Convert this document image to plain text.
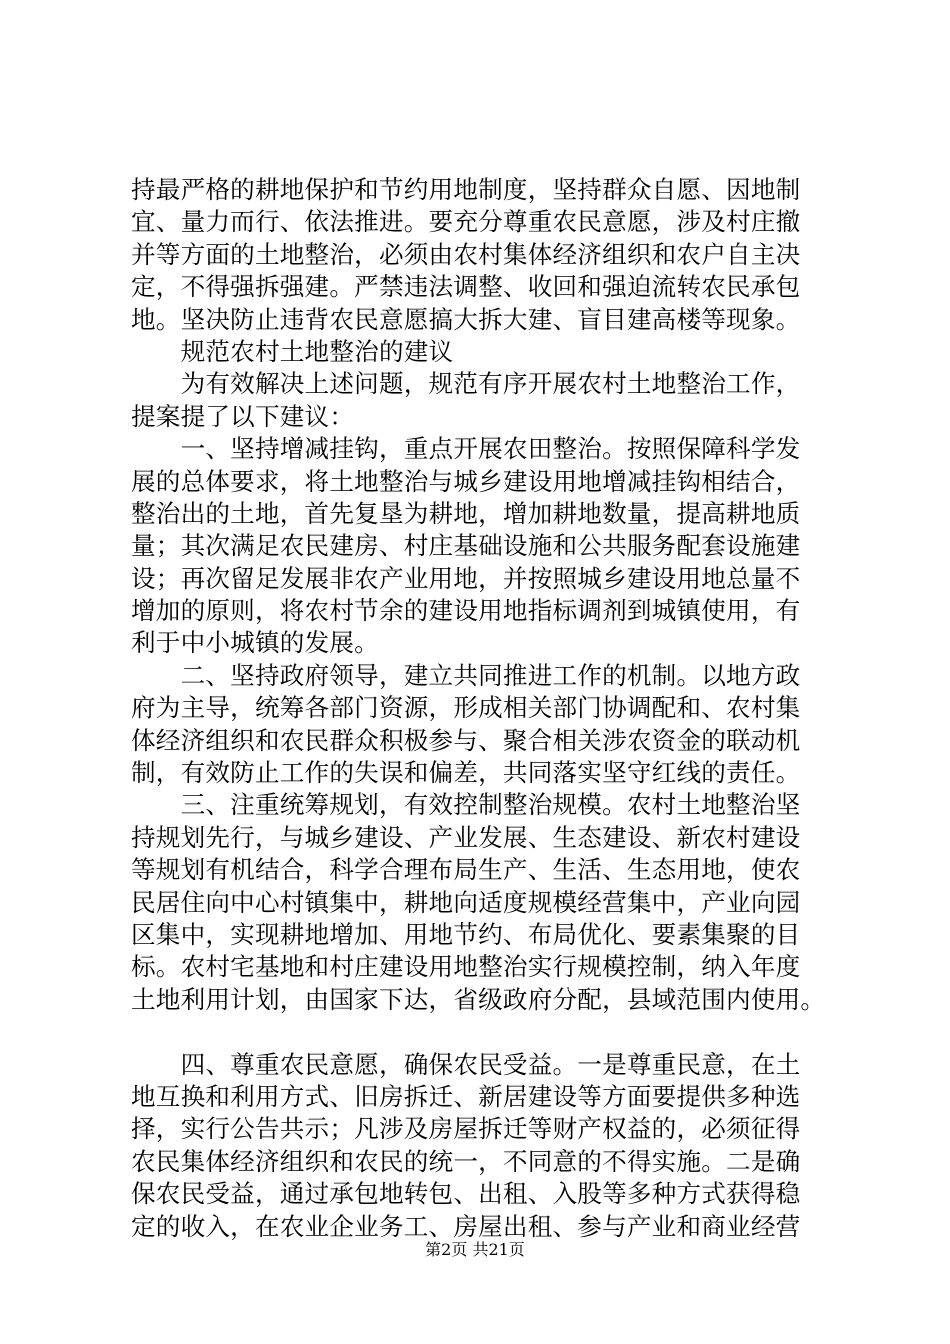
持最严格的耕地保护和节约用地制度，坚持群众自愿、因地制
宜、量力而行、依法推进。要充分尊重农民意愿，涉及村庄撤
并等方面的土地整治，必须由农村集体经济组织和农户自主决
定，不得强拆强建。严禁违法调整、收回和强迫流转农民承包
地。坚决防止违背农民意愿搞大拆大建、盲目建高楼等现象。
　　规范农村土地整治的建议
　　为有效解决上述问题，规范有序开展农村土地整治工作，
提案提了以下建议：
　　一、坚持增减挂钩，重点开展农田整治。按照保障科学发
展的总体要求，将土地整治与城乡建设用地增减挂钩相结合，
整治出的土地，首先复垦为耕地，增加耕地数量，提高耕地质
量；其次满足农民建房、村庄基础设施和公共服务配套设施建
设；再次留足发展非农产业用地，并按照城乡建设用地总量不
增加的原则，将农村节余的建设用地指标调剂到城镇使用，有
利于中小城镇的发展。
　　二、坚持政府领导，建立共同推进工作的机制。以地方政
府为主导，统筹各部门资源，形成相关部门协调配和、农村集
体经济组织和农民群众积极参与、聚合相关涉农资金的联动机
制，有效防止工作的失误和偏差，共同落实坚守红线的责任。
　　三、注重统筹规划，有效控制整治规模。农村土地整治坚
持规划先行，与城乡建设、产业发展、生态建设、新农村建设
等规划有机结合，科学合理布局生产、生活、生态用地，使农
民居住向中心村镇集中，耕地向适度规模经营集中，产业向园
区集中，实现耕地增加、用地节约、布局优化、要素集聚的目
标。农村宅基地和村庄建设用地整治实行规模控制，纳入年度
土地利用计划，由国家下达，省级政府分配，县域范围内使用。
　　四、尊重农民意愿，确保农民受益。一是尊重民意，在土
地互换和利用方式、旧房拆迁、新居建设等方面要提供多种选
择，实行公告共示；凡涉及房屋拆迁等财产权益的，必须征得
农民集体经济组织和农民的统一，不同意的不得实施。二是确
保农民受益，通过承包地转包、出租、入股等多种方式获得稳
定的收入，在农业企业务工、房屋出租、参与产业和商业经营
第2页 共21页
